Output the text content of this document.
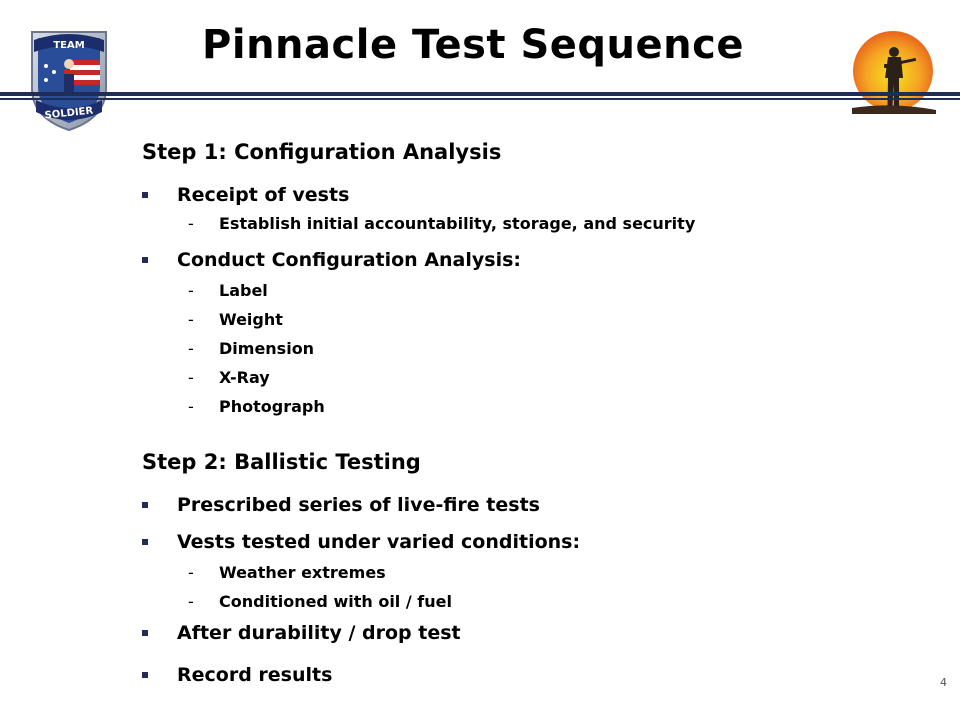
TEAM
SOLDIER
Pinnacle Test Sequence
Step 1: Configuration Analysis
Receipt of vests
- Establish initial accountability, storage, and security
Conduct Configuration Analysis:
- Label
- Weight
- Dimension
- X-Ray
- Photograph
Step 2: Ballistic Testing
Prescribed series of live-fire tests
Vests tested under varied conditions:
- Weather extremes
- Conditioned with oil / fuel
After durability / drop test
Record results	4
